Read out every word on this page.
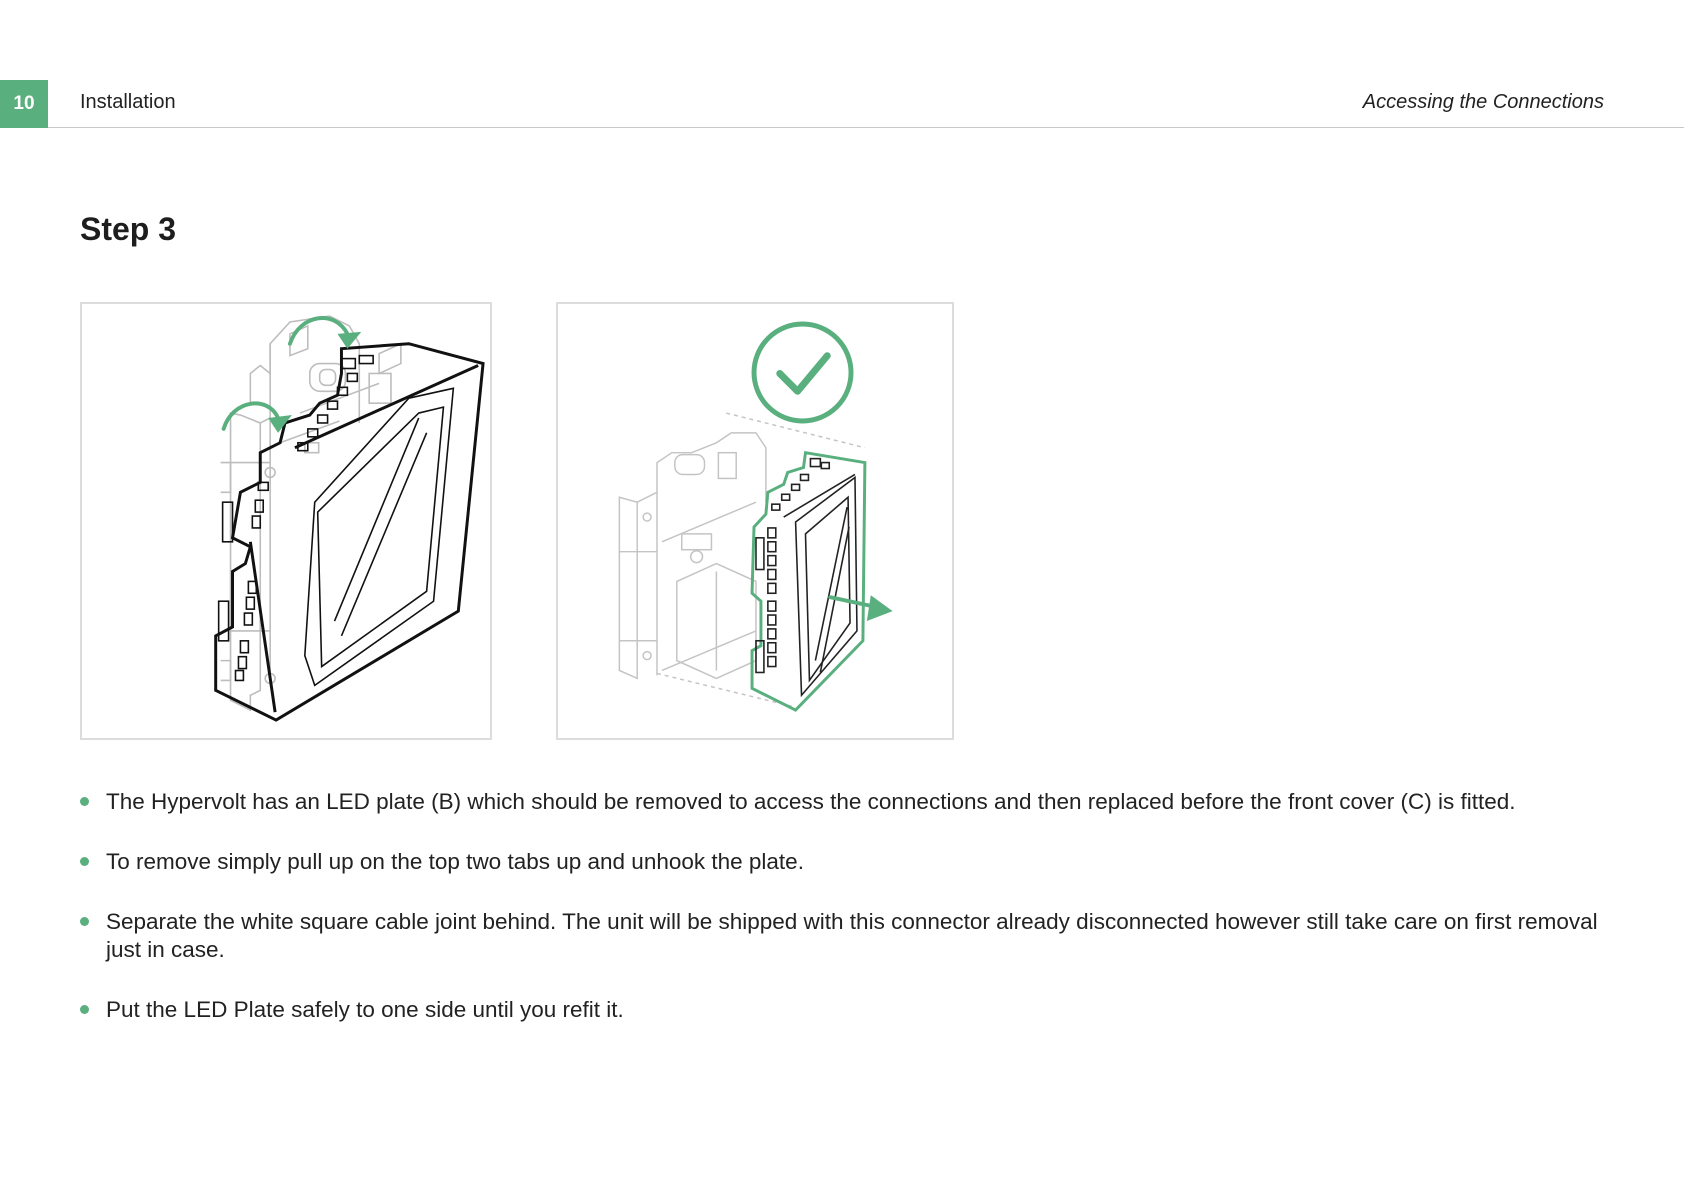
10	Installation	Accessing the Connections
Step 3
The Hypervolt has an LED plate (B) which should be removed to access the connections and then replaced before the front cover (C) is fitted.
To remove simply pull up on the top two tabs up and unhook the plate.
Separate the white square cable joint behind. The unit will be shipped with this connector already disconnected however still take care on first removal just in case.
Put the LED Plate safely to one side until you refit it.
